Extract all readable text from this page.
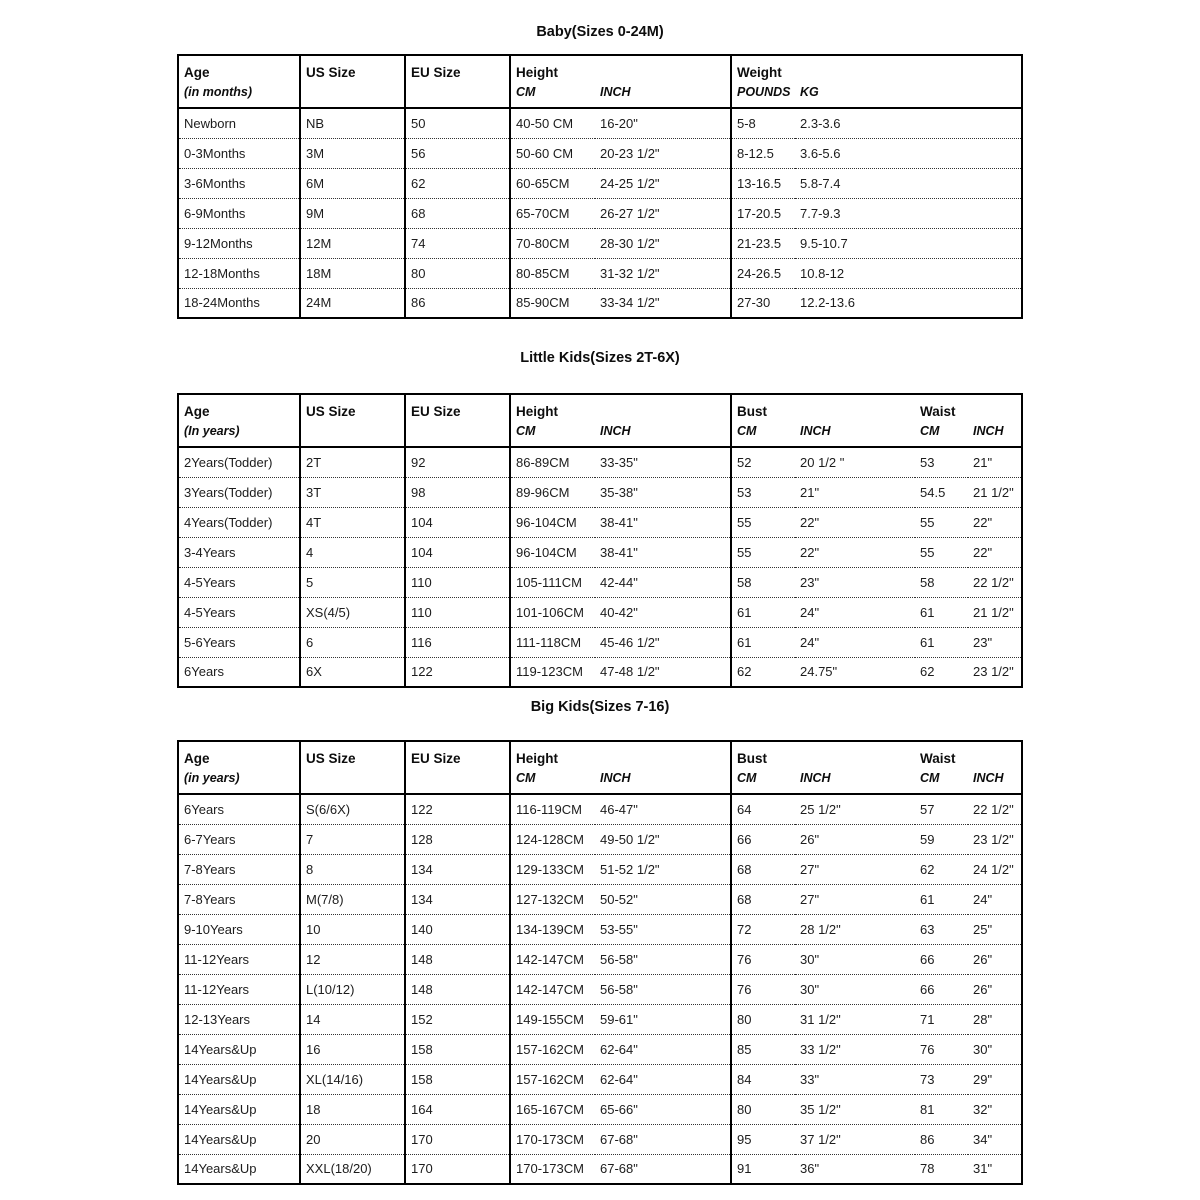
Baby(Sizes 0-24M)
Age	US Size	EU Size	Height		Weight	
(in months)			CM	INCH	POUNDS	KG
Newborn	NB	50	40-50 CM	16-20"	5-8	2.3-3.6
0-3Months	3M	56	50-60 CM	20-23 1/2"	8-12.5	3.6-5.6
3-6Months	6M	62	60-65CM	24-25 1/2"	13-16.5	5.8-7.4
6-9Months	9M	68	65-70CM	26-27 1/2"	17-20.5	7.7-9.3
9-12Months	12M	74	70-80CM	28-30 1/2"	21-23.5	9.5-10.7
12-18Months	18M	80	80-85CM	31-32 1/2"	24-26.5	10.8-12
18-24Months	24M	86	85-90CM	33-34 1/2"	27-30	12.2-13.6
Little Kids(Sizes 2T-6X)
Age	US Size	EU Size	Height		Bust		Waist	
(In years)			CM	INCH	CM	INCH	CM	INCH
2Years(Todder)	2T	92	86-89CM	33-35"	52	20 1/2 "	53	21"
3Years(Todder)	3T	98	89-96CM	35-38"	53	21"	54.5	21 1/2"
4Years(Todder)	4T	104	96-104CM	38-41"	55	22"	55	22"
3-4Years	4	104	96-104CM	38-41"	55	22"	55	22"
4-5Years	5	110	105-111CM	42-44"	58	23"	58	22 1/2"
4-5Years	XS(4/5)	110	101-106CM	40-42"	61	24"	61	21 1/2"
5-6Years	6	116	111-118CM	45-46 1/2"	61	24"	61	23"
6Years	6X	122	119-123CM	47-48 1/2"	62	24.75"	62	23 1/2"
Big Kids(Sizes 7-16)
Age	US Size	EU Size	Height		Bust		Waist	
(in years)			CM	INCH	CM	INCH	CM	INCH
6Years	S(6/6X)	122	116-119CM	46-47"	64	25 1/2"	57	22 1/2"
6-7Years	7	128	124-128CM	49-50 1/2"	66	26"	59	23 1/2"
7-8Years	8	134	129-133CM	51-52 1/2"	68	27"	62	24 1/2"
7-8Years	M(7/8)	134	127-132CM	50-52"	68	27"	61	24"
9-10Years	10	140	134-139CM	53-55"	72	28 1/2"	63	25"
11-12Years	12	148	142-147CM	56-58"	76	30"	66	26"
11-12Years	L(10/12)	148	142-147CM	56-58"	76	30"	66	26"
12-13Years	14	152	149-155CM	59-61"	80	31 1/2"	71	28"
14Years&Up	16	158	157-162CM	62-64"	85	33 1/2"	76	30"
14Years&Up	XL(14/16)	158	157-162CM	62-64"	84	33"	73	29"
14Years&Up	18	164	165-167CM	65-66"	80	35 1/2"	81	32"
14Years&Up	20	170	170-173CM	67-68"	95	37 1/2"	86	34"
14Years&Up	XXL(18/20)	170	170-173CM	67-68"	91	36"	78	31"
